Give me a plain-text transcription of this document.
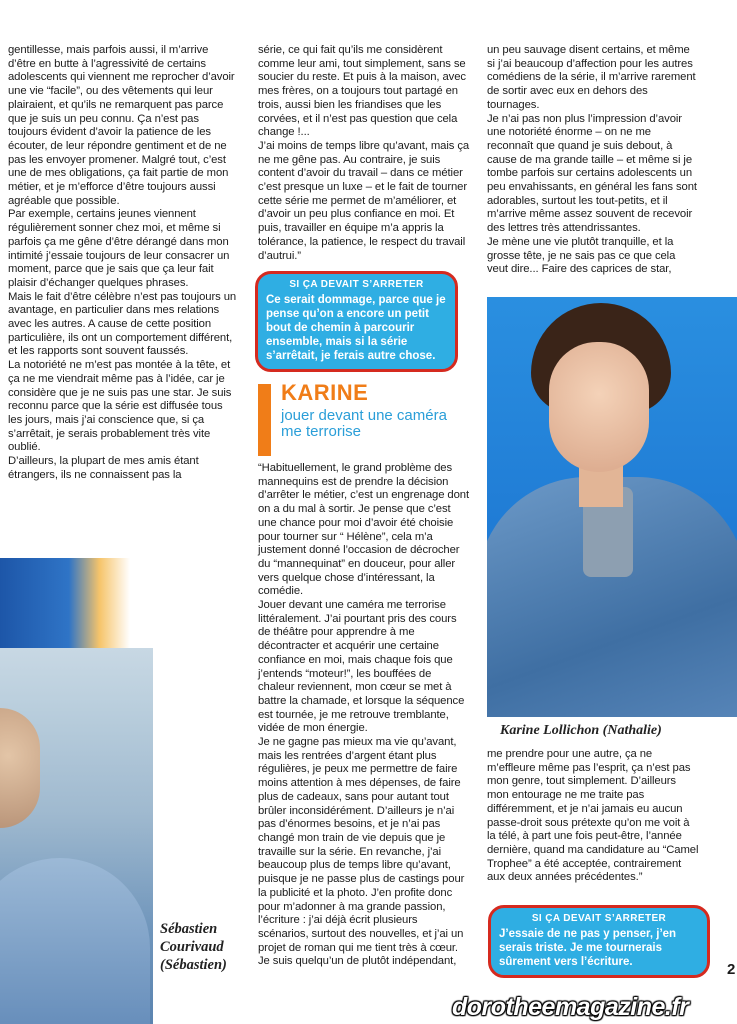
gentillesse, mais parfois aussi, il m’arrive d’être en butte à l’agressivité de certains adolescents qui viennent me reprocher d’avoir une vie “facile”, ou des vêtements qui leur plairaient, et qu’ils ne remarquent pas parce que je suis un peu connu. Ça n’est pas toujours évident d’avoir la patience de les écouter, de leur répondre gentiment et de ne pas les envoyer promener. Malgré tout, c’est une de mes obligations, ça fait partie de mon métier, et je m’efforce d’être toujours aussi agréable que possible.

Par exemple, certains jeunes viennent régulièrement sonner chez moi, et même si parfois ça me gêne d’être dérangé dans mon intimité j’essaie toujours de leur consacrer un moment, parce que je sais que ça leur fait plaisir d’échanger quelques phrases.

Mais le fait d’être célèbre n’est pas toujours un avantage, en particulier dans mes relations avec les autres. A cause de cette position particulière, ils ont un comportement différent, et les rapports sont souvent faussés.

La notoriété ne m’est pas montée à la tête, et ça ne me viendrait même pas à l’idée, car je considère que je ne suis pas une star. Je suis reconnu parce que la série est diffusée tous les jours, mais j’ai conscience que, si ça s’arrêtait, je serais probablement très vite oublié.

D’ailleurs, la plupart de mes amis étant étrangers, ils ne connaissent pas la

série, ce qui fait qu’ils me considèrent comme leur ami, tout simplement, sans se soucier du reste. Et puis à la maison, avec mes frères, on a toujours tout partagé en trois, aussi bien les friandises que les corvées, et il n’est pas question que cela change !...

J’ai moins de temps libre qu’avant, mais ça ne me gêne pas. Au contraire, je suis content d’avoir du travail – dans ce métier c’est presque un luxe – et le fait de tourner cette série me permet de m’améliorer, et d’avoir un peu plus confiance en moi. Et puis, travailler en équipe m’a appris la tolérance, la patience, le respect du travail d’autrui.”

SI ÇA DEVAIT S’ARRETER

Ce serait dommage, parce que je pense qu’on a encore un petit bout de chemin à parcourir ensemble, mais si la série s’arrêtait, je ferais autre chose.

KARINE
jouer devant une caméra me terrorise

“Habituellement, le grand problème des mannequins est de prendre la décision d’arrêter le métier, c’est un engrenage dont on a du mal à sortir. Je pense que c’est une chance pour moi d’avoir été choisie pour tourner sur “ Hélène”, cela m’a justement donné l’occasion de décrocher du “mannequinat” en douceur, pour aller vers quelque chose d’intéressant, la comédie.

Jouer devant une caméra me terrorise littéralement. J’ai pourtant pris des cours de théâtre pour apprendre à me décontracter et acquérir une certaine confiance en moi, mais chaque fois que j’entends “moteur!”, les bouffées de chaleur reviennent, mon cœur se met à battre la chamade, et lorsque la séquence est tournée, je me retrouve tremblante, vidée de mon énergie.

Je ne gagne pas mieux ma vie qu’avant, mais les rentrées d’argent étant plus régulières, je peux me permettre de faire moins attention à mes dépenses, de faire plus de cadeaux, sans pour autant tout brûler inconsidérément. D’ailleurs je n’ai pas d’énormes besoins, et je n’ai pas changé mon train de vie depuis que je travaille sur la série. En revanche, j’ai beaucoup plus de temps libre qu’avant, puisque je ne passe plus de castings pour la publicité et la photo. J’en profite donc pour m’adonner à ma grande passion, l’écriture : j’ai déjà écrit plusieurs scénarios, surtout des nouvelles, et j’ai un projet de roman qui me tient très à cœur. Je suis quelqu’un de plutôt indépendant,

un peu sauvage disent certains, et même si j’ai beaucoup d’affection pour les autres comédiens de la série, il m’arrive rarement de sortir avec eux en dehors des tournages.

Je n’ai pas non plus l’impression d’avoir une notoriété énorme – on ne me reconnaît que quand je suis debout, à cause de ma grande taille – et même si je tombe parfois sur certains adolescents un peu envahissants, en général les fans sont adorables, surtout les tout-petits, et il m’arrive même assez souvent de recevoir des lettres très attendrissantes.

Je mène une vie plutôt tranquille, et la grosse tête, je ne sais pas ce que cela veut dire... Faire des caprices de star,

Karine Lollichon (Nathalie)

me prendre pour une autre, ça ne m’effleure même pas l’esprit, ça n’est pas mon genre, tout simplement. D’ailleurs mon entourage ne me traite pas différemment, et je n’ai jamais eu aucun passe-droit sous prétexte qu’on me voit à la télé, à part une fois peut-être, l’année dernière, quand ma candidature au “Camel Trophee” a été acceptée, contrairement aux deux années précédentes.”

SI ÇA DEVAIT S’ARRETER

J’essaie de ne pas y penser, j’en serais triste. Je me tournerais sûrement vers l’écriture.

Sébastien
Courivaud
(Sébastien)	2
dorotheemagazine.fr
